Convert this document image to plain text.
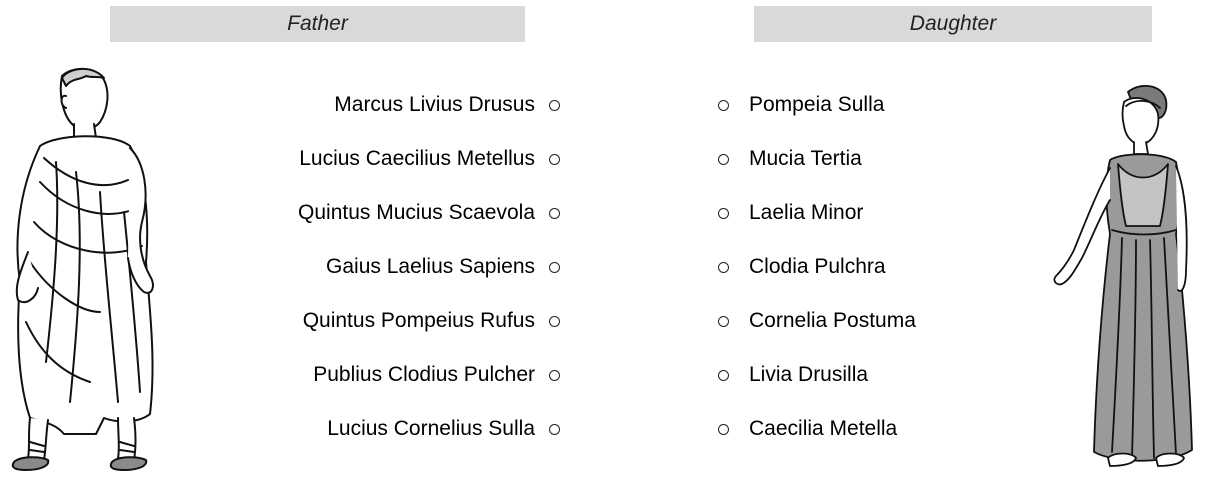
Father	Daughter
Marcus Livius Drusus
Lucius Caecilius Metellus
Quintus Mucius Scaevola
Gaius Laelius Sapiens
Quintus Pompeius Rufus
Publius Clodius Pulcher
Lucius Cornelius Sulla
Pompeia Sulla
Mucia Tertia
Laelia Minor
Clodia Pulchra
Cornelia Postuma
Livia Drusilla
Caecilia Metella
